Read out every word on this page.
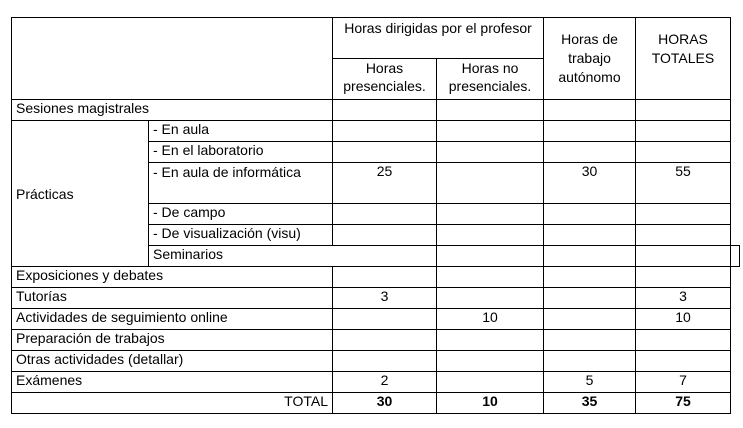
		Horas dirigidas por el profesor		Horas de trabajo autónomo	HORAS TOTALES	
		Horas presenciales.	Horas no presenciales.			
Sesiones magistrales						
Prácticas	- En aula					
	- En el laboratorio					
	- En aula de informática	25		30	55	
	- De campo					
	- De visualización (visu)					
	Seminarios					
Exposiciones y debates						
Tutorías		3			3	
Actividades de seguimiento online			10		10	
Preparación de trabajos						
Otras actividades (detallar)						
Exámenes		2		5	7	
TOTAL		30	10	35	75	
